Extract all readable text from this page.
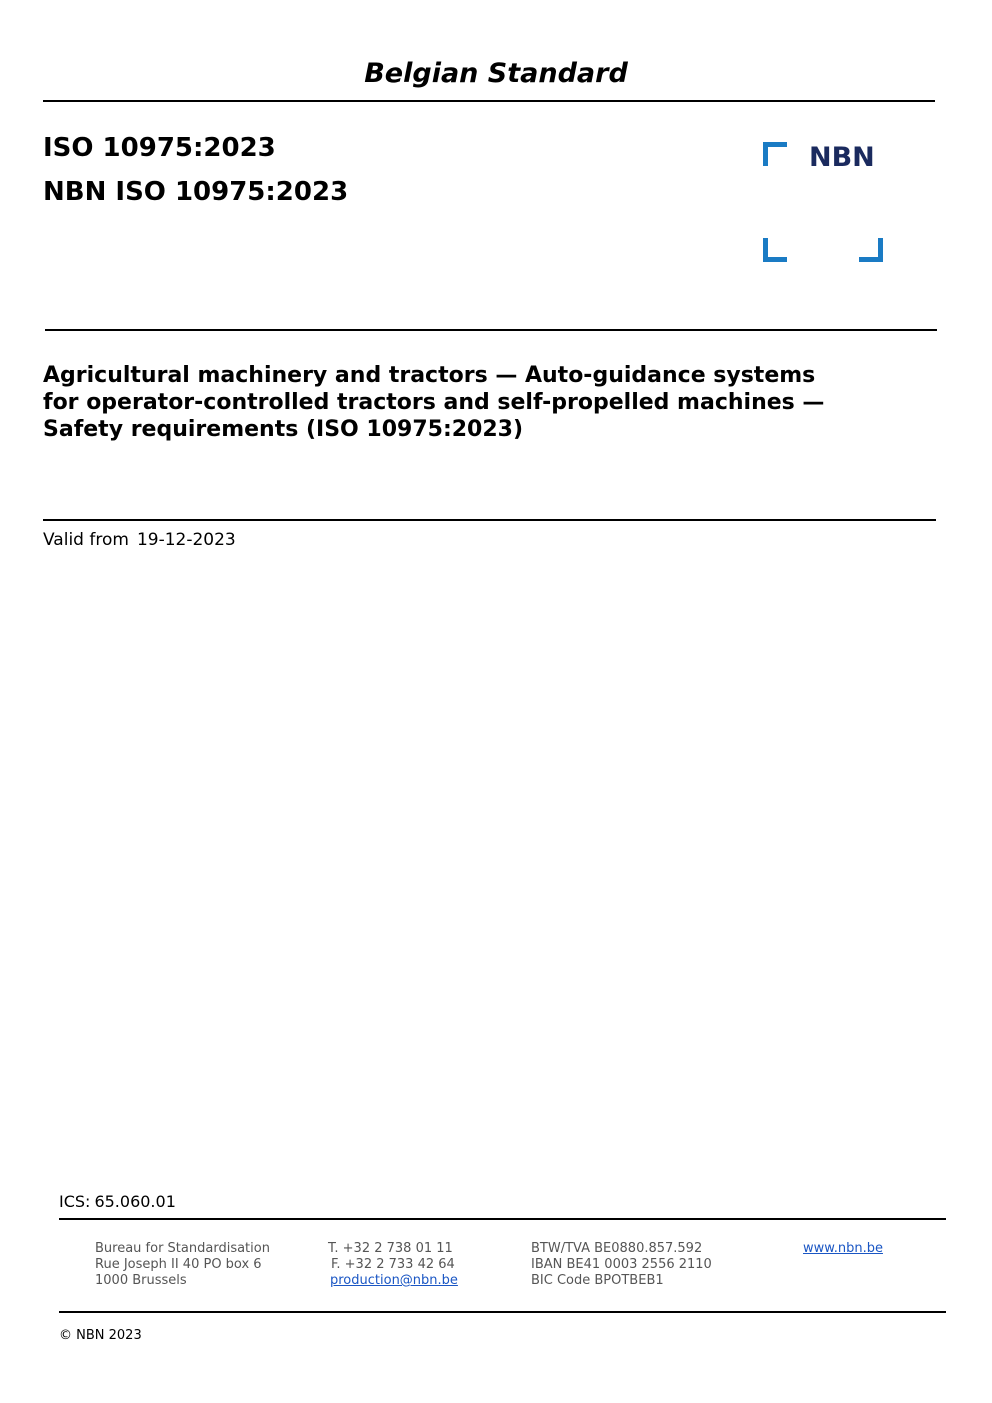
Belgian Standard
ISO 10975:2023
NBN ISO 10975:2023
NBN
Agricultural machinery and tractors — Auto-guidance systems
for operator-controlled tractors and self-propelled machines —
Safety requirements (ISO 10975:2023)
Valid from 19-12-2023
ICS: 65.060.01
Bureau for Standardisation
Rue Joseph II 40 PO box 6
1000 Brussels
T. +32 2 738 01 11
F. +32 2 733 42 64
production@nbn.be
BTW/TVA BE0880.857.592
IBAN BE41 0003 2556 2110
BIC Code BPOTBEB1
www.nbn.be
© NBN 2023
